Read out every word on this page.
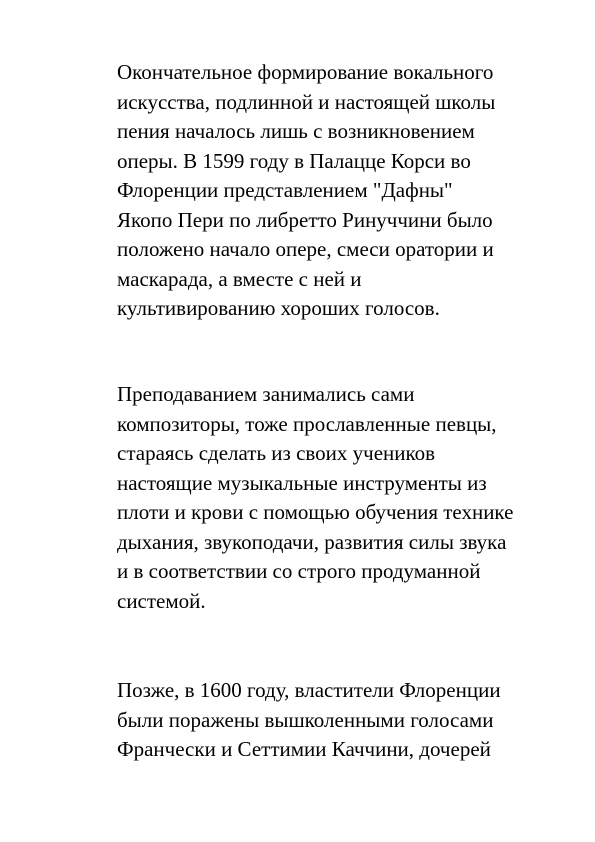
Окончательное формирование вокального
искусства, подлинной и настоящей школы
пения началось лишь с возникновением
оперы. В 1599 году в Палацце Корси во
Флоренции представлением "Дафны"
Якопо Пери по либретто Ринуччини было
положено начало опере, смеси оратории и
маскарада, а вместе с ней и
культивированию хороших голосов.
Преподаванием занимались сами
композиторы, тоже прославленные певцы,
стараясь сделать из своих учеников
настоящие музыкальные инструменты из
плоти и крови с помощью обучения технике
дыхания, звукоподачи, развития силы звука
и в соответствии со строго продуманной
системой.
Позже, в 1600 году, властители Флоренции
были поражены вышколенными голосами
Франчески и Сеттимии Каччини, дочерей
